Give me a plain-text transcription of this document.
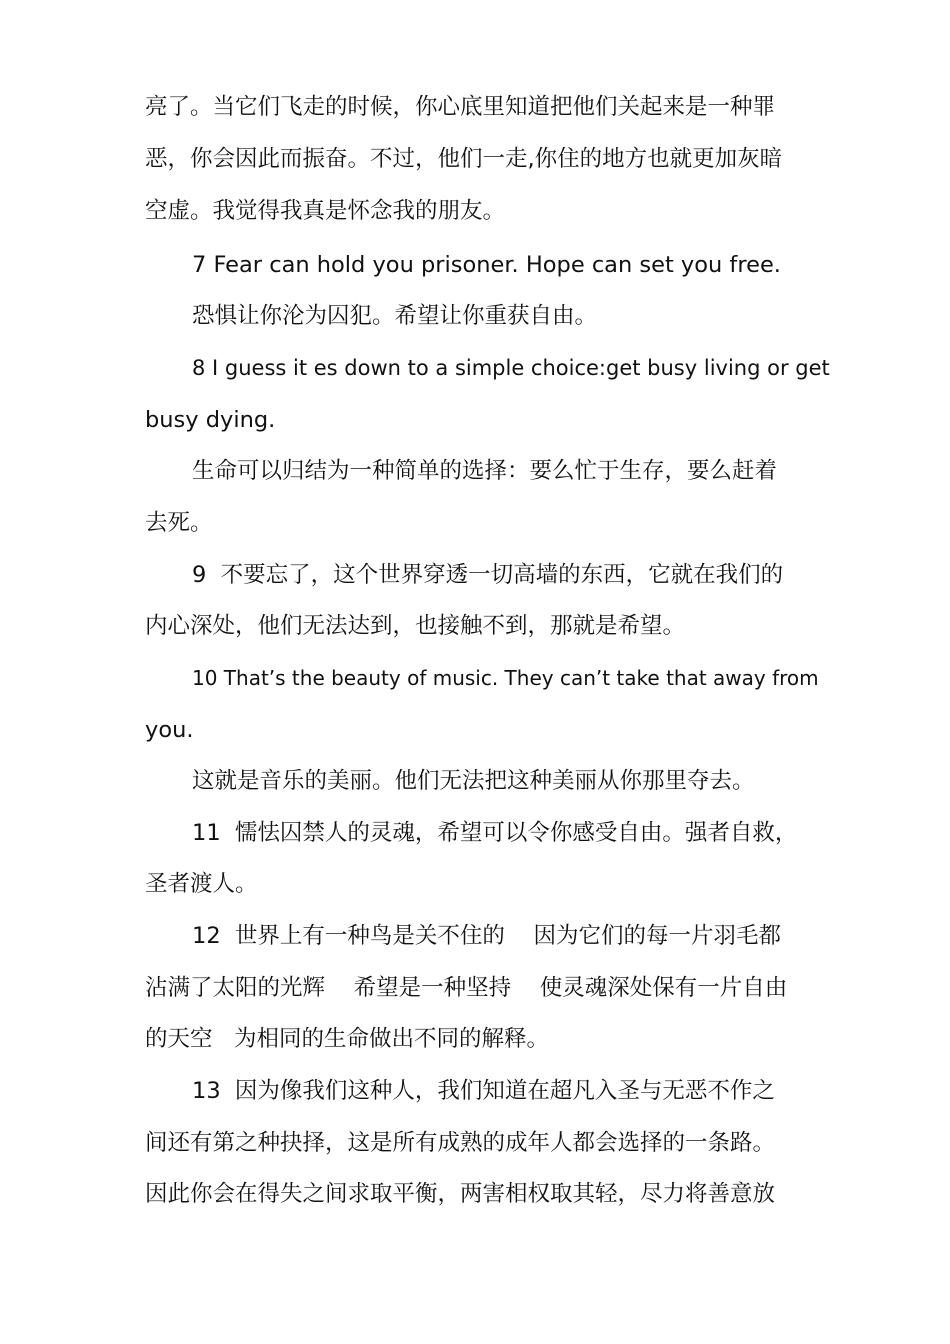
亮了。当它们飞走的时候，你心底里知道把他们关起来是一种罪
恶，你会因此而振奋。不过，他们一走,你住的地方也就更加灰暗
空虚。我觉得我真是怀念我的朋友。
7 Fear can hold you prisoner. Hope can set you free.
恐惧让你沦为囚犯。希望让你重获自由。
8 I guess it es down to a simple choice:get busy living or get
busy dying.
生命可以归结为一种简单的选择：要么忙于生存，要么赶着
去死。
9  不要忘了，这个世界穿透一切高墙的东西，它就在我们的
内心深处，他们无法达到，也接触不到，那就是希望。
10 That’s the beauty of music. They can’t take that away from
you.
这就是音乐的美丽。他们无法把这种美丽从你那里夺去。
11  懦怯囚禁人的灵魂，希望可以令你感受自由。强者自救，
圣者渡人。
12  世界上有一种鸟是关不住的    因为它们的每一片羽毛都
沾满了太阳的光辉    希望是一种坚持    使灵魂深处保有一片自由
的天空   为相同的生命做出不同的解释。
13  因为像我们这种人，我们知道在超凡入圣与无恶不作之
间还有第之种抉择，这是所有成熟的成年人都会选择的一条路。
因此你会在得失之间求取平衡，两害相权取其轻，尽力将善意放
